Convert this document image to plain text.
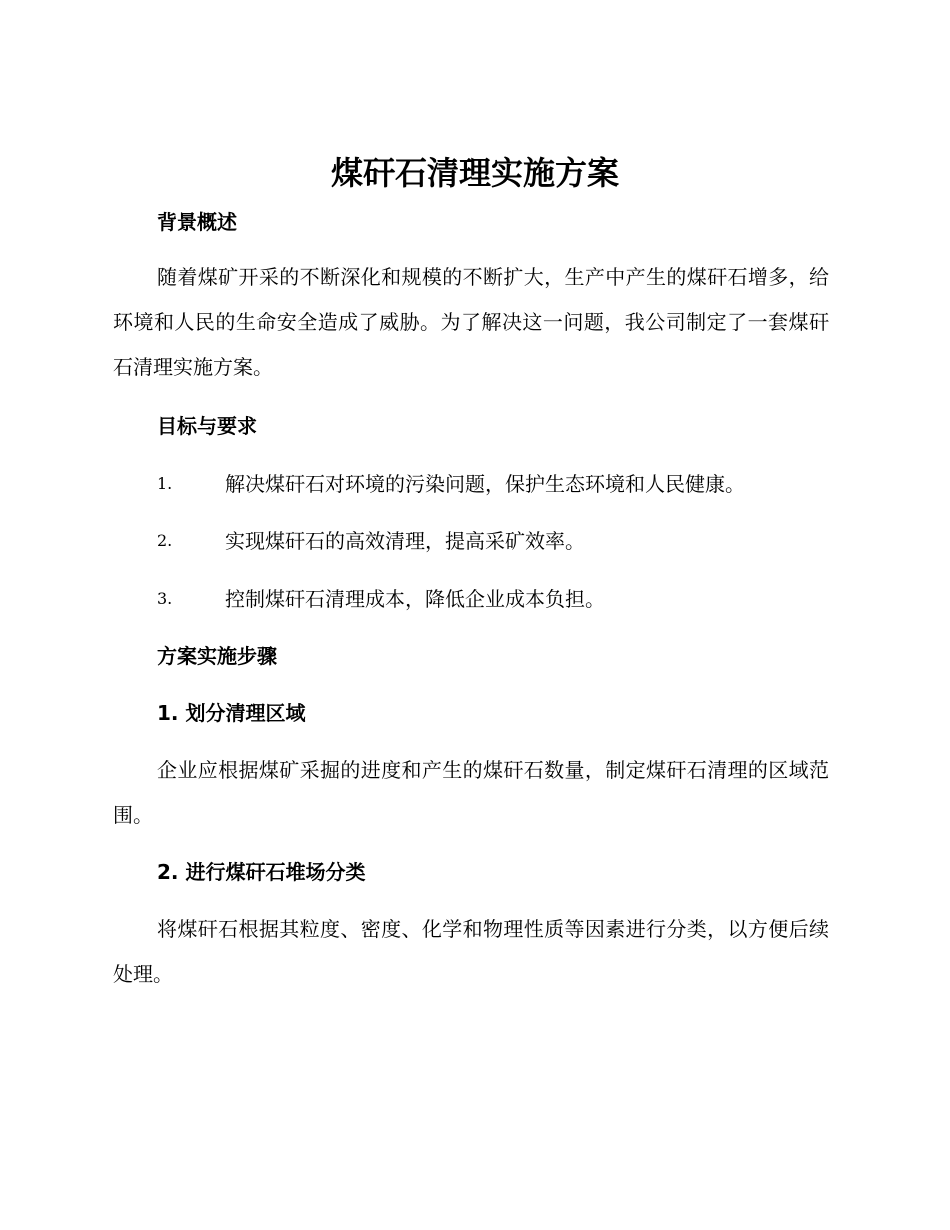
煤矸石清理实施方案
背景概述

随着煤矿开采的不断深化和规模的不断扩大，生产中产生的煤矸石增多，给环境和人民的生命安全造成了威胁。为了解决这一问题，我公司制定了一套煤矸石清理实施方案。

目标与要求
1.	解决煤矸石对环境的污染问题，保护生态环境和人民健康。
2.	实现煤矸石的高效清理，提高采矿效率。
3.	控制煤矸石清理成本，降低企业成本负担。
方案实施步骤
1. 划分清理区域

企业应根据煤矿采掘的进度和产生的煤矸石数量，制定煤矸石清理的区域范围。

2. 进行煤矸石堆场分类

将煤矸石根据其粒度、密度、化学和物理性质等因素进行分类，以方便后续处理。
